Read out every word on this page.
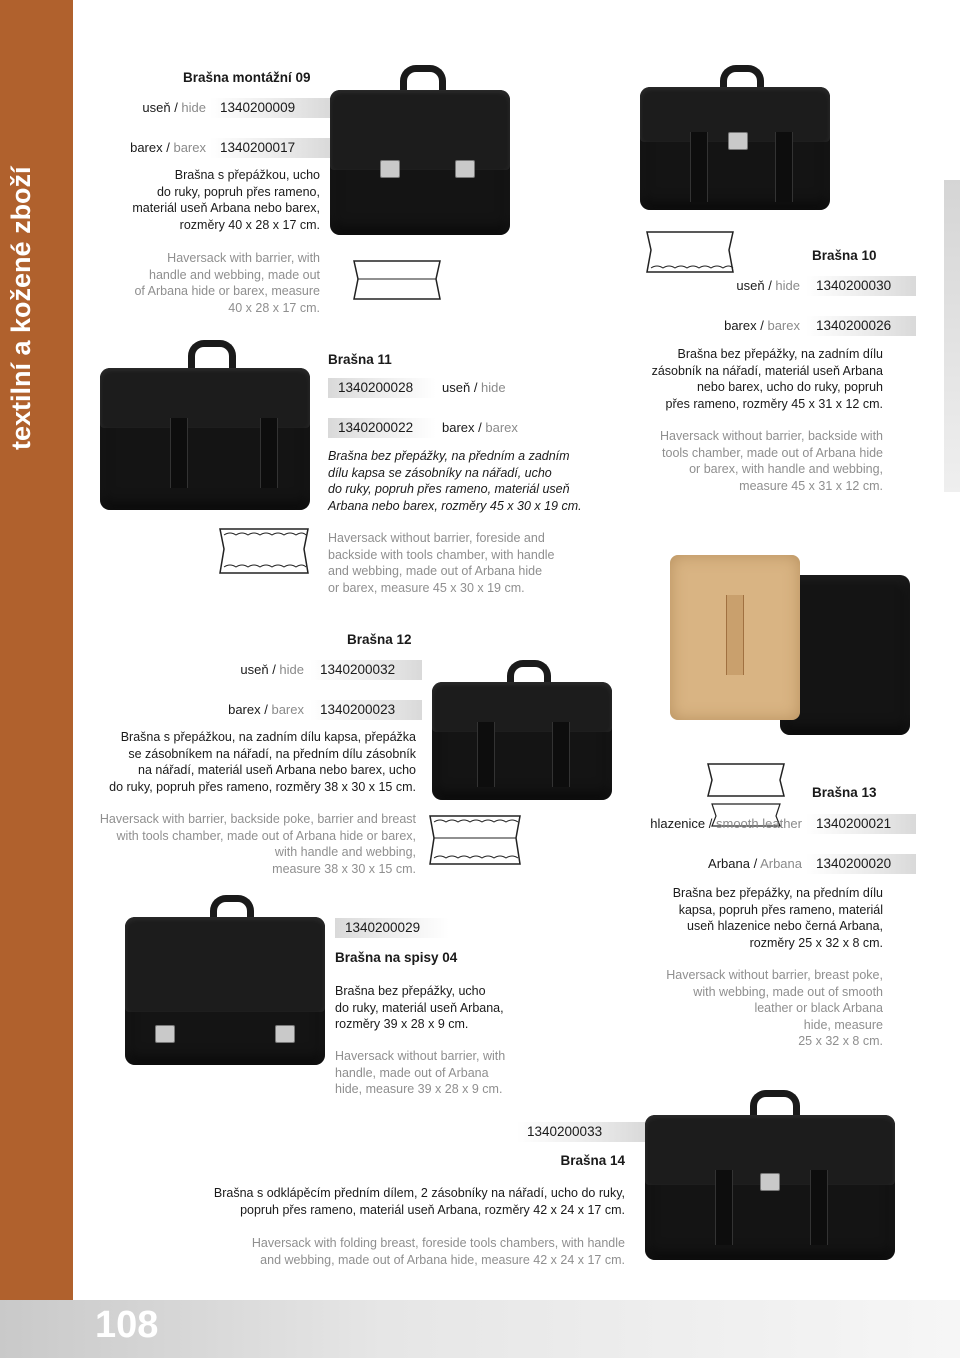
textilní a kožené zboží
Brašna montážní 09
useň / hide	1340200009
barex / barex	1340200017
Brašna s přepážkou, ucho
do ruky, popruh přes rameno,
materiál useň Arbana nebo barex,
rozměry 40 x 28 x 17 cm.
Haversack with barrier, with
handle and webbing, made out
of Arbana hide or barex, measure
40 x 28 x 17 cm.
Brašna 11
1340200028	useň / hide
1340200022	barex / barex
Brašna bez přepážky, na předním a zadním
dílu kapsa se zásobníky na nářadí, ucho
do ruky, popruh přes rameno, materiál useň
Arbana nebo barex, rozměry 45 x 30 x 19 cm.
Haversack without barrier, foreside and
backside with tools chamber, with handle
and webbing, made out of Arbana hide
or barex, measure 45 x 30 x 19 cm.
Brašna 10
useň / hide	1340200030
barex / barex	1340200026
Brašna bez přepážky, na zadním dílu
zásobník na nářadí, materiál useň Arbana
nebo barex, ucho do ruky, popruh
přes rameno, rozměry 45 x 31 x 12 cm.
Haversack without barrier, backside with
tools chamber, made out of Arbana hide
or barex, with handle and webbing,
measure 45 x 31 x 12 cm.
Brašna 12
useň / hide	1340200032
barex / barex	1340200023
Brašna s přepážkou, na zadním dílu kapsa, přepážka
se zásobníkem na nářadí, na předním dílu zásobník
na nářadí, materiál useň Arbana nebo barex, ucho
do ruky, popruh přes rameno, rozměry 38 x 30 x 15 cm.
Haversack with barrier, backside poke, barrier and breast
with tools chamber, made out of Arbana hide or barex,
with handle and webbing,
measure 38 x 30 x 15 cm.
Brašna 13
hlazenice / smooth leather	1340200021
Arbana / Arbana	1340200020
Brašna bez přepážky, na předním dílu
kapsa, popruh přes rameno, materiál
useň hlazenice nebo černá Arbana,
rozměry 25 x 32 x 8 cm.
Haversack without barrier, breast poke,
with webbing, made out of smooth
leather or black Arbana
hide, measure
25 x 32 x 8 cm.
1340200029
Brašna na spisy 04
Brašna bez přepážky, ucho
do ruky, materiál useň Arbana,
rozměry 39 x 28 x 9 cm.
Haversack without barrier, with
handle, made out of Arbana
hide, measure 39 x 28 x 9 cm.
1340200033
Brašna 14
Brašna s odklápěcím předním dílem, 2 zásobníky na nářadí, ucho do ruky,
popruh přes rameno, materiál useň Arbana, rozměry 42 x 24 x 17 cm.
Haversack with folding breast, foreside tools chambers, with handle
and webbing, made out of Arbana hide, measure 42 x 24 x 17 cm.
108
